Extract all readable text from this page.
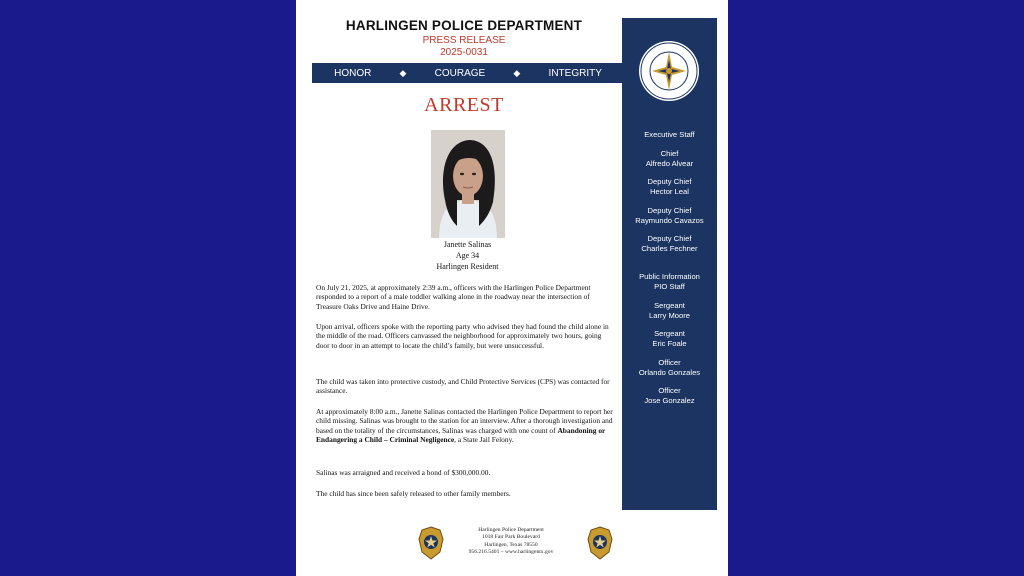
HARLINGEN POLICE DEPARTMENT
PRESS RELEASE
2025-0031
HONOR	◆	COURAGE	◆	INTEGRITY
ARREST
Janette Salinas
Age 34
Harlingen Resident

On July 21, 2025, at approximately 2:39 a.m., officers with the Harlingen Police Department responded to a report of a male toddler walking alone in the roadway near the intersection of Treasure Oaks Drive and Haine Drive.

Upon arrival, officers spoke with the reporting party who advised they had found the child alone in the middle of the road. Officers canvassed the neighborhood for approximately two hours, going door to door in an attempt to locate the child’s family, but were unsuccessful.

The child was taken into protective custody, and Child Protective Services (CPS) was contacted for assistance.

At approximately 8:00 a.m., Janette Salinas contacted the Harlingen Police Department to report her child missing. Salinas was brought to the station for an interview. After a thorough investigation and based on the totality of the circumstances, Salinas was charged with one count of Abandoning or Endangering a Child – Criminal Negligence, a State Jail Felony.

Salinas was arraigned and received a bond of $300,000.00.

The child has since been safely released to other family members.

Executive Staff
Chief
Alfredo Alvear
Deputy Chief
Hector Leal
Deputy Chief
Raymundo Cavazos
Deputy Chief
Charles Fechner
Public Information
PIO Staff
Sergeant
Larry Moore
Sergeant
Eric Foale
Officer
Orlando Gonzales
Officer
Jose Gonzalez
Harlingen Police Department
1018 Fair Park Boulevard
Harlingen, Texas 78550
956.216.5401 – www.harlingentx.gov
